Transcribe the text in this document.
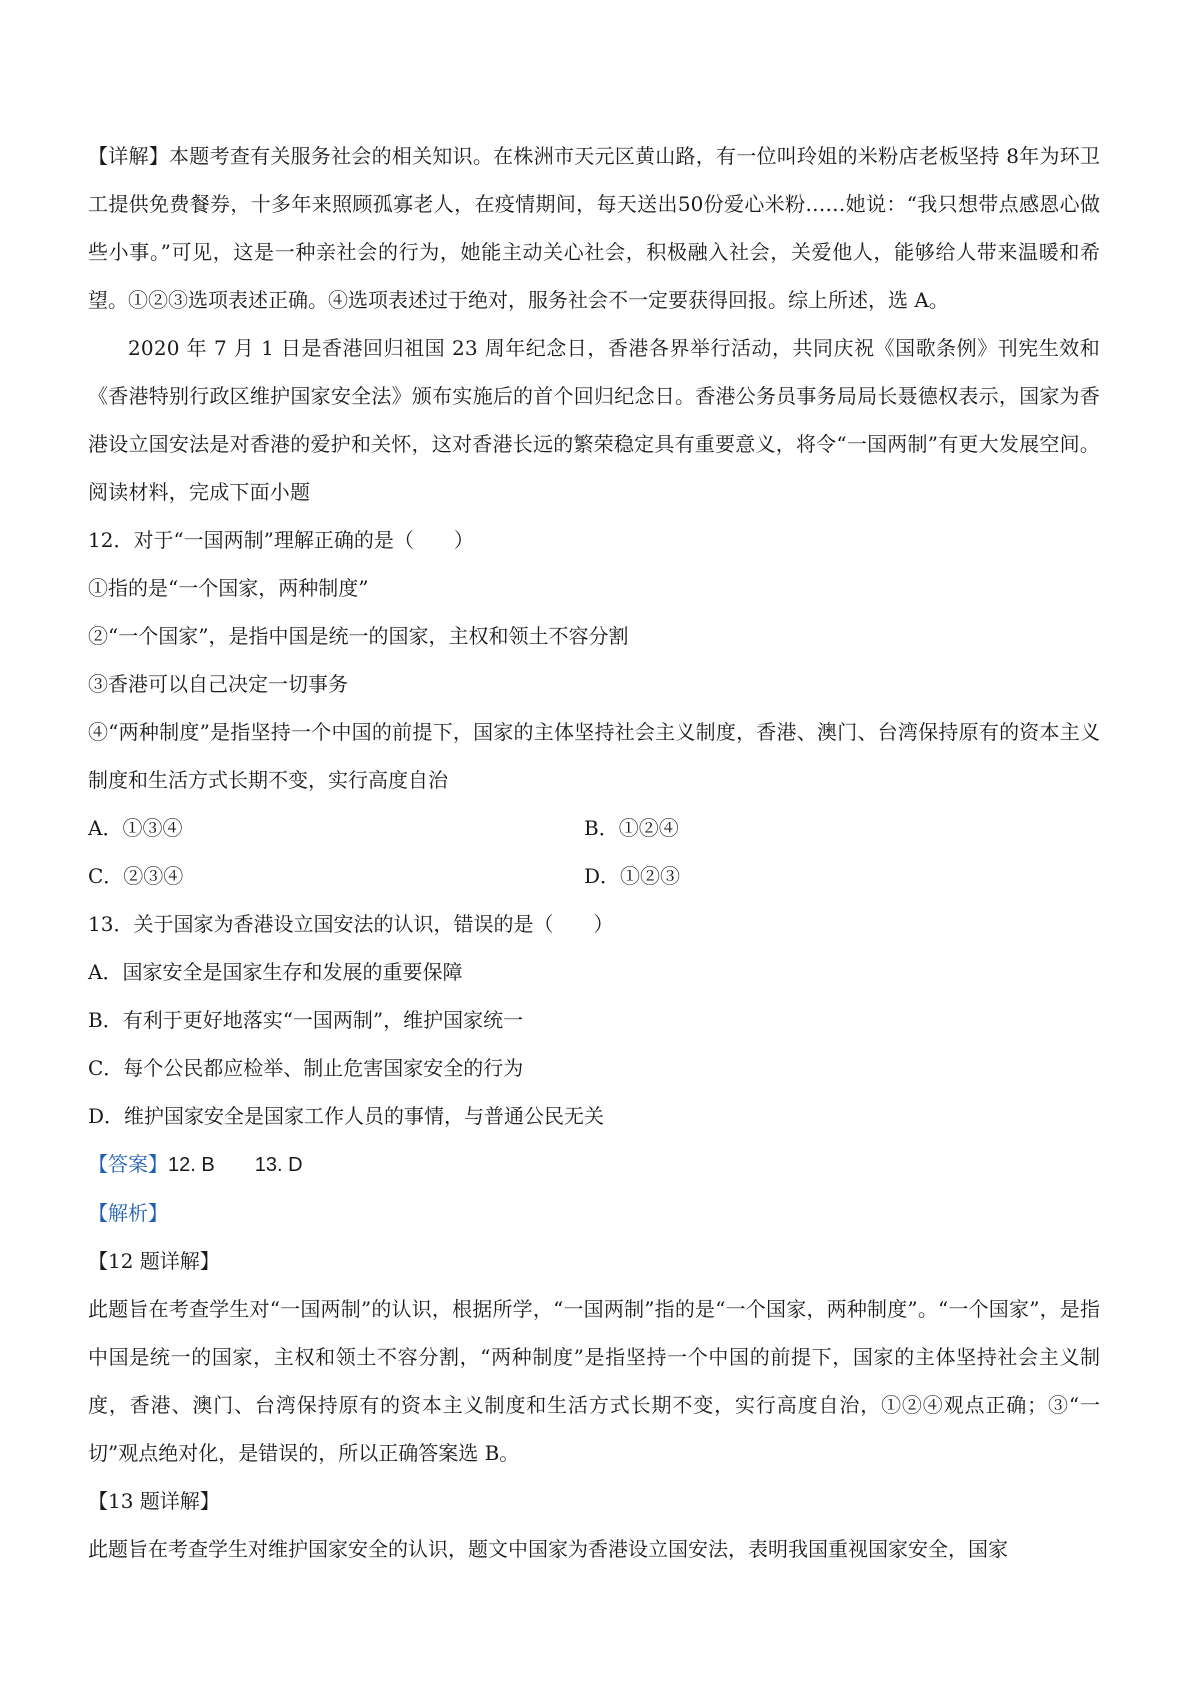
【详解】本题考查有关服务社会的相关知识。在株洲市天元区黄山路，有一位叫玲姐的米粉店老板坚持 8年为环卫工提供免费餐券，十多年来照顾孤寡老人，在疫情期间，每天送出50份爱心米粉……她说：“我只想带点感恩心做些小事。”可见，这是一种亲社会的行为，她能主动关心社会，积极融入社会，关爱他人，能够给人带来温暖和希望。①②③选项表述正确。④选项表述过于绝对，服务社会不一定要获得回报。综上所述，选 A。

2020 年 7 月 1 日是香港回归祖国 23 周年纪念日，香港各界举行活动，共同庆祝《国歌条例》刊宪生效和《香港特别行政区维护国家安全法》颁布实施后的首个回归纪念日。香港公务员事务局局长聂德权表示，国家为香港设立国安法是对香港的爱护和关怀，这对香港长远的繁荣稳定具有重要意义，将令“一国两制”有更大发展空间。阅读材料，完成下面小题

12．对于“一国两制”理解正确的是（　　）

①指的是“一个国家，两种制度”

②“一个国家”，是指中国是统一的国家，主权和领土不容分割

③香港可以自己决定一切事务

④“两种制度”是指坚持一个中国的前提下，国家的主体坚持社会主义制度，香港、澳门、台湾保持原有的资本主义制度和生活方式长期不变，实行高度自治

A．①③④	B．①②④
C．②③④	D．①②③

13．关于国家为香港设立国安法的认识，错误的是（　　）

A．国家安全是国家生存和发展的重要保障

B．有利于更好地落实“一国两制”，维护国家统一

C．每个公民都应检举、制止危害国家安全的行为

D．维护国家安全是国家工作人员的事情，与普通公民无关

【答案】12. B 13. D

【解析】

【12 题详解】

此题旨在考查学生对“一国两制”的认识，根据所学，“一国两制”指的是“一个国家，两种制度”。“一个国家”，是指中国是统一的国家，主权和领土不容分割，“两种制度”是指坚持一个中国的前提下，国家的主体坚持社会主义制度，香港、澳门、台湾保持原有的资本主义制度和生活方式长期不变，实行高度自治，①②④观点正确；③“一切”观点绝对化，是错误的，所以正确答案选 B。

【13 题详解】

此题旨在考查学生对维护国家安全的认识，题文中国家为香港设立国安法，表明我国重视国家安全，国家
